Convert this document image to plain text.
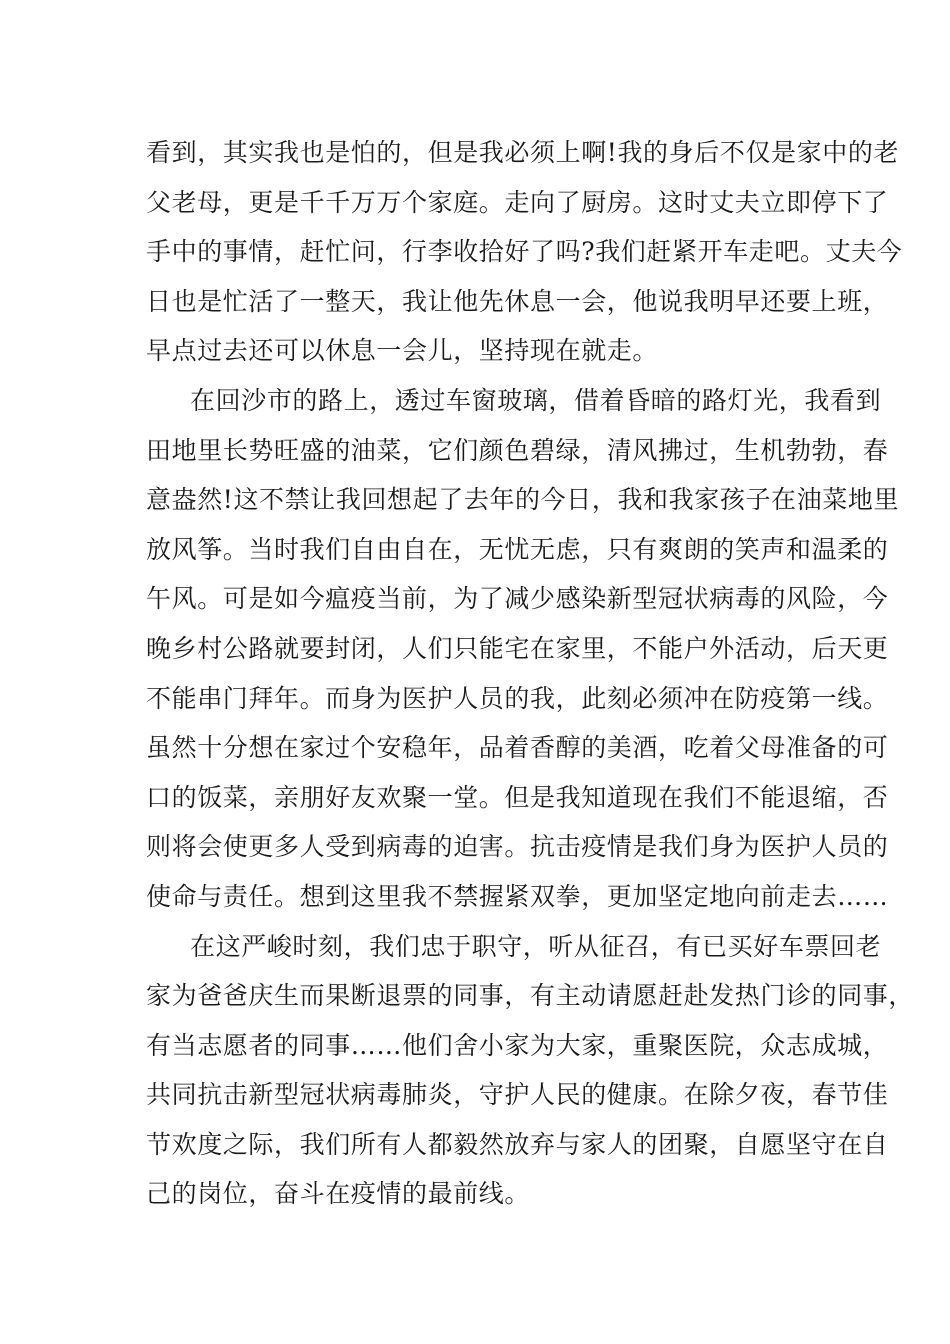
看到，其实我也是怕的，但是我必须上啊!我的身后不仅是家中的老
父老母，更是千千万万个家庭。走向了厨房。这时丈夫立即停下了
手中的事情，赶忙问，行李收拾好了吗?我们赶紧开车走吧。丈夫今
日也是忙活了一整天，我让他先休息一会，他说我明早还要上班，
早点过去还可以休息一会儿，坚持现在就走。
在回沙市的路上，透过车窗玻璃，借着昏暗的路灯光，我看到
田地里长势旺盛的油菜，它们颜色碧绿，清风拂过，生机勃勃，春
意盎然!这不禁让我回想起了去年的今日，我和我家孩子在油菜地里
放风筝。当时我们自由自在，无忧无虑，只有爽朗的笑声和温柔的
午风。可是如今瘟疫当前，为了减少感染新型冠状病毒的风险，今
晚乡村公路就要封闭，人们只能宅在家里，不能户外活动，后天更
不能串门拜年。而身为医护人员的我，此刻必须冲在防疫第一线。
虽然十分想在家过个安稳年，品着香醇的美酒，吃着父母准备的可
口的饭菜，亲朋好友欢聚一堂。但是我知道现在我们不能退缩，否
则将会使更多人受到病毒的迫害。抗击疫情是我们身为医护人员的
使命与责任。想到这里我不禁握紧双拳，更加坚定地向前走去……
在这严峻时刻，我们忠于职守，听从征召，有已买好车票回老
家为爸爸庆生而果断退票的同事，有主动请愿赶赴发热门诊的同事，
有当志愿者的同事……他们舍小家为大家，重聚医院，众志成城，
共同抗击新型冠状病毒肺炎，守护人民的健康。在除夕夜，春节佳
节欢度之际，我们所有人都毅然放弃与家人的团聚，自愿坚守在自
己的岗位，奋斗在疫情的最前线。
